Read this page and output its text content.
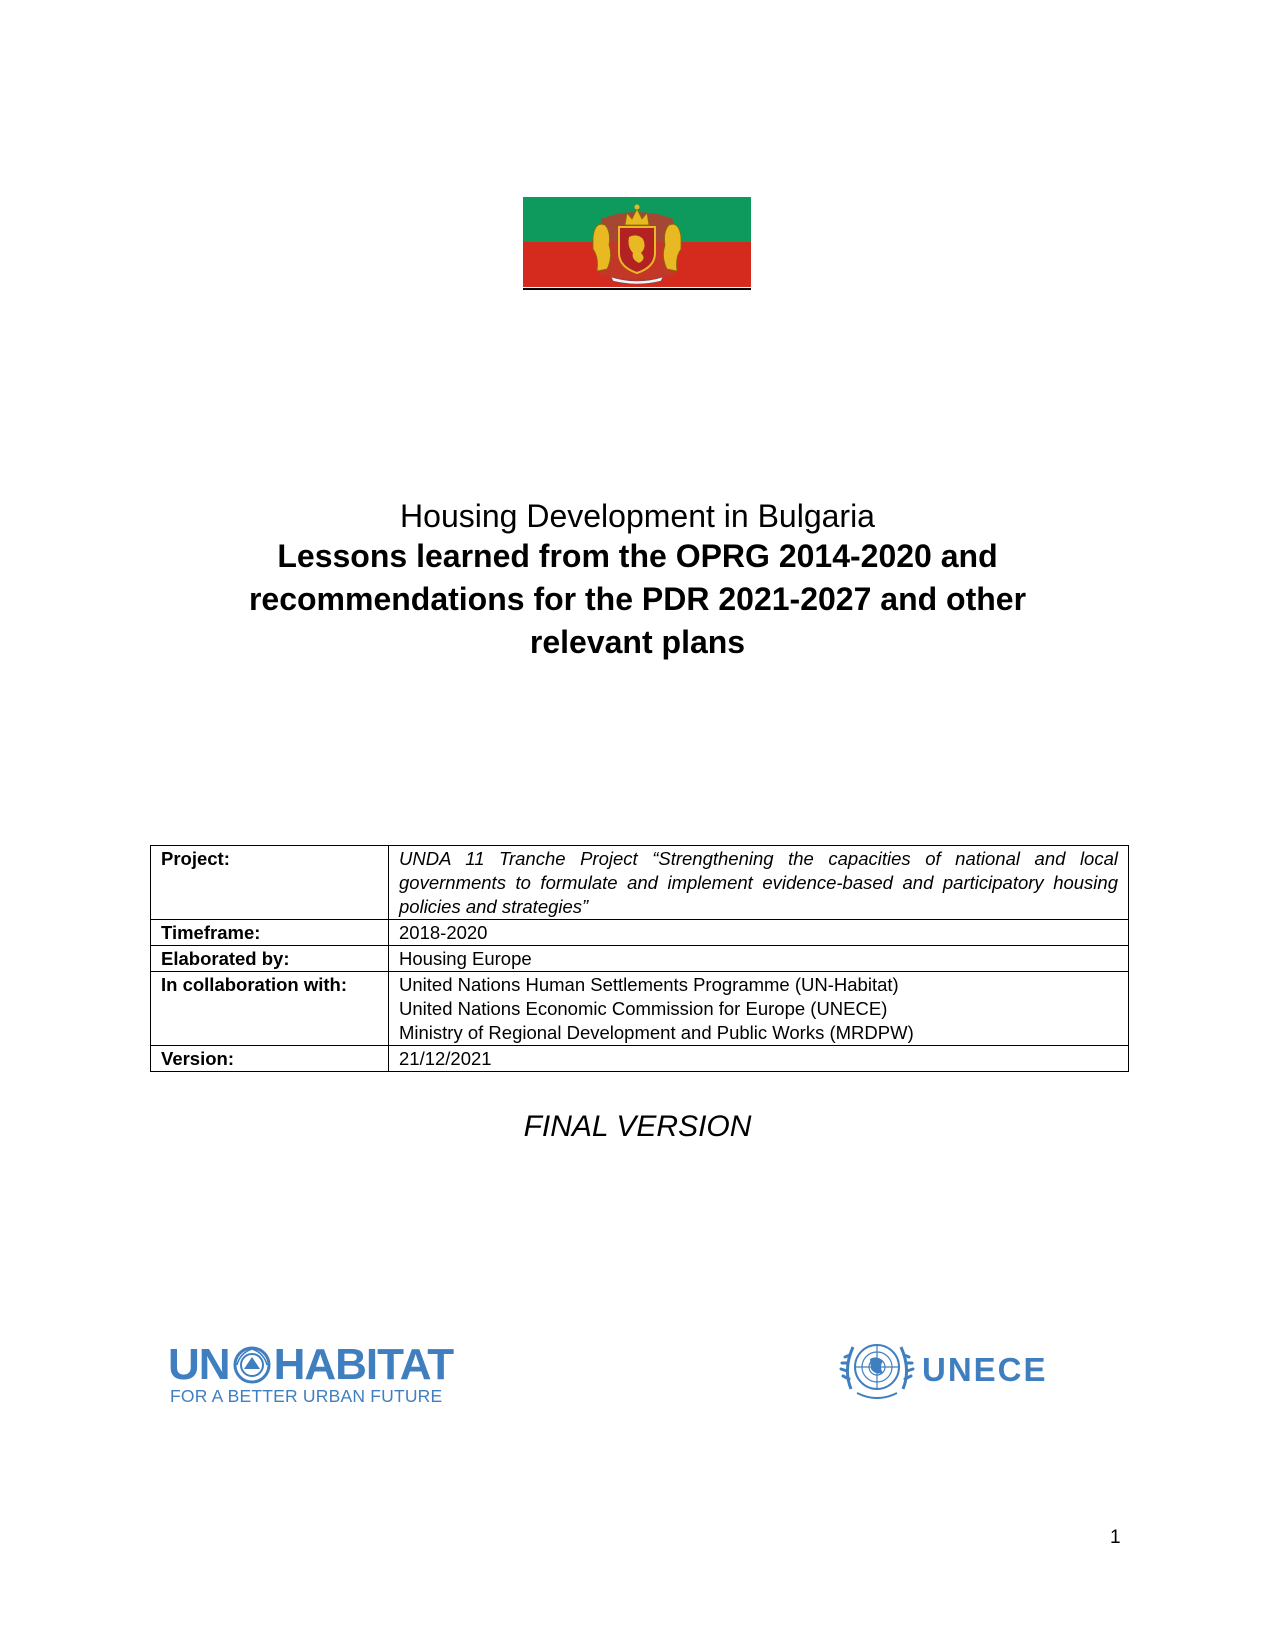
Housing Development in Bulgaria

Lessons learned from the OPRG 2014-2020 and

recommendations for the PDR 2021-2027 and other

relevant plans

Project:	UNDA 11 Tranche Project “Strengthening the capacities of national and local governments to formulate and implement evidence-based and participatory housing policies and strategies”
Timeframe:	2018-2020
Elaborated by:	Housing Europe
In collaboration with:	United Nations Human Settlements Programme (UN-Habitat)
United Nations Economic Commission for Europe (UNECE)
Ministry of Regional Development and Public Works (MRDPW)

Version:	21/12/2021
FINAL VERSION
UN HABITAT
FOR A BETTER URBAN FUTURE
UNECE
1
